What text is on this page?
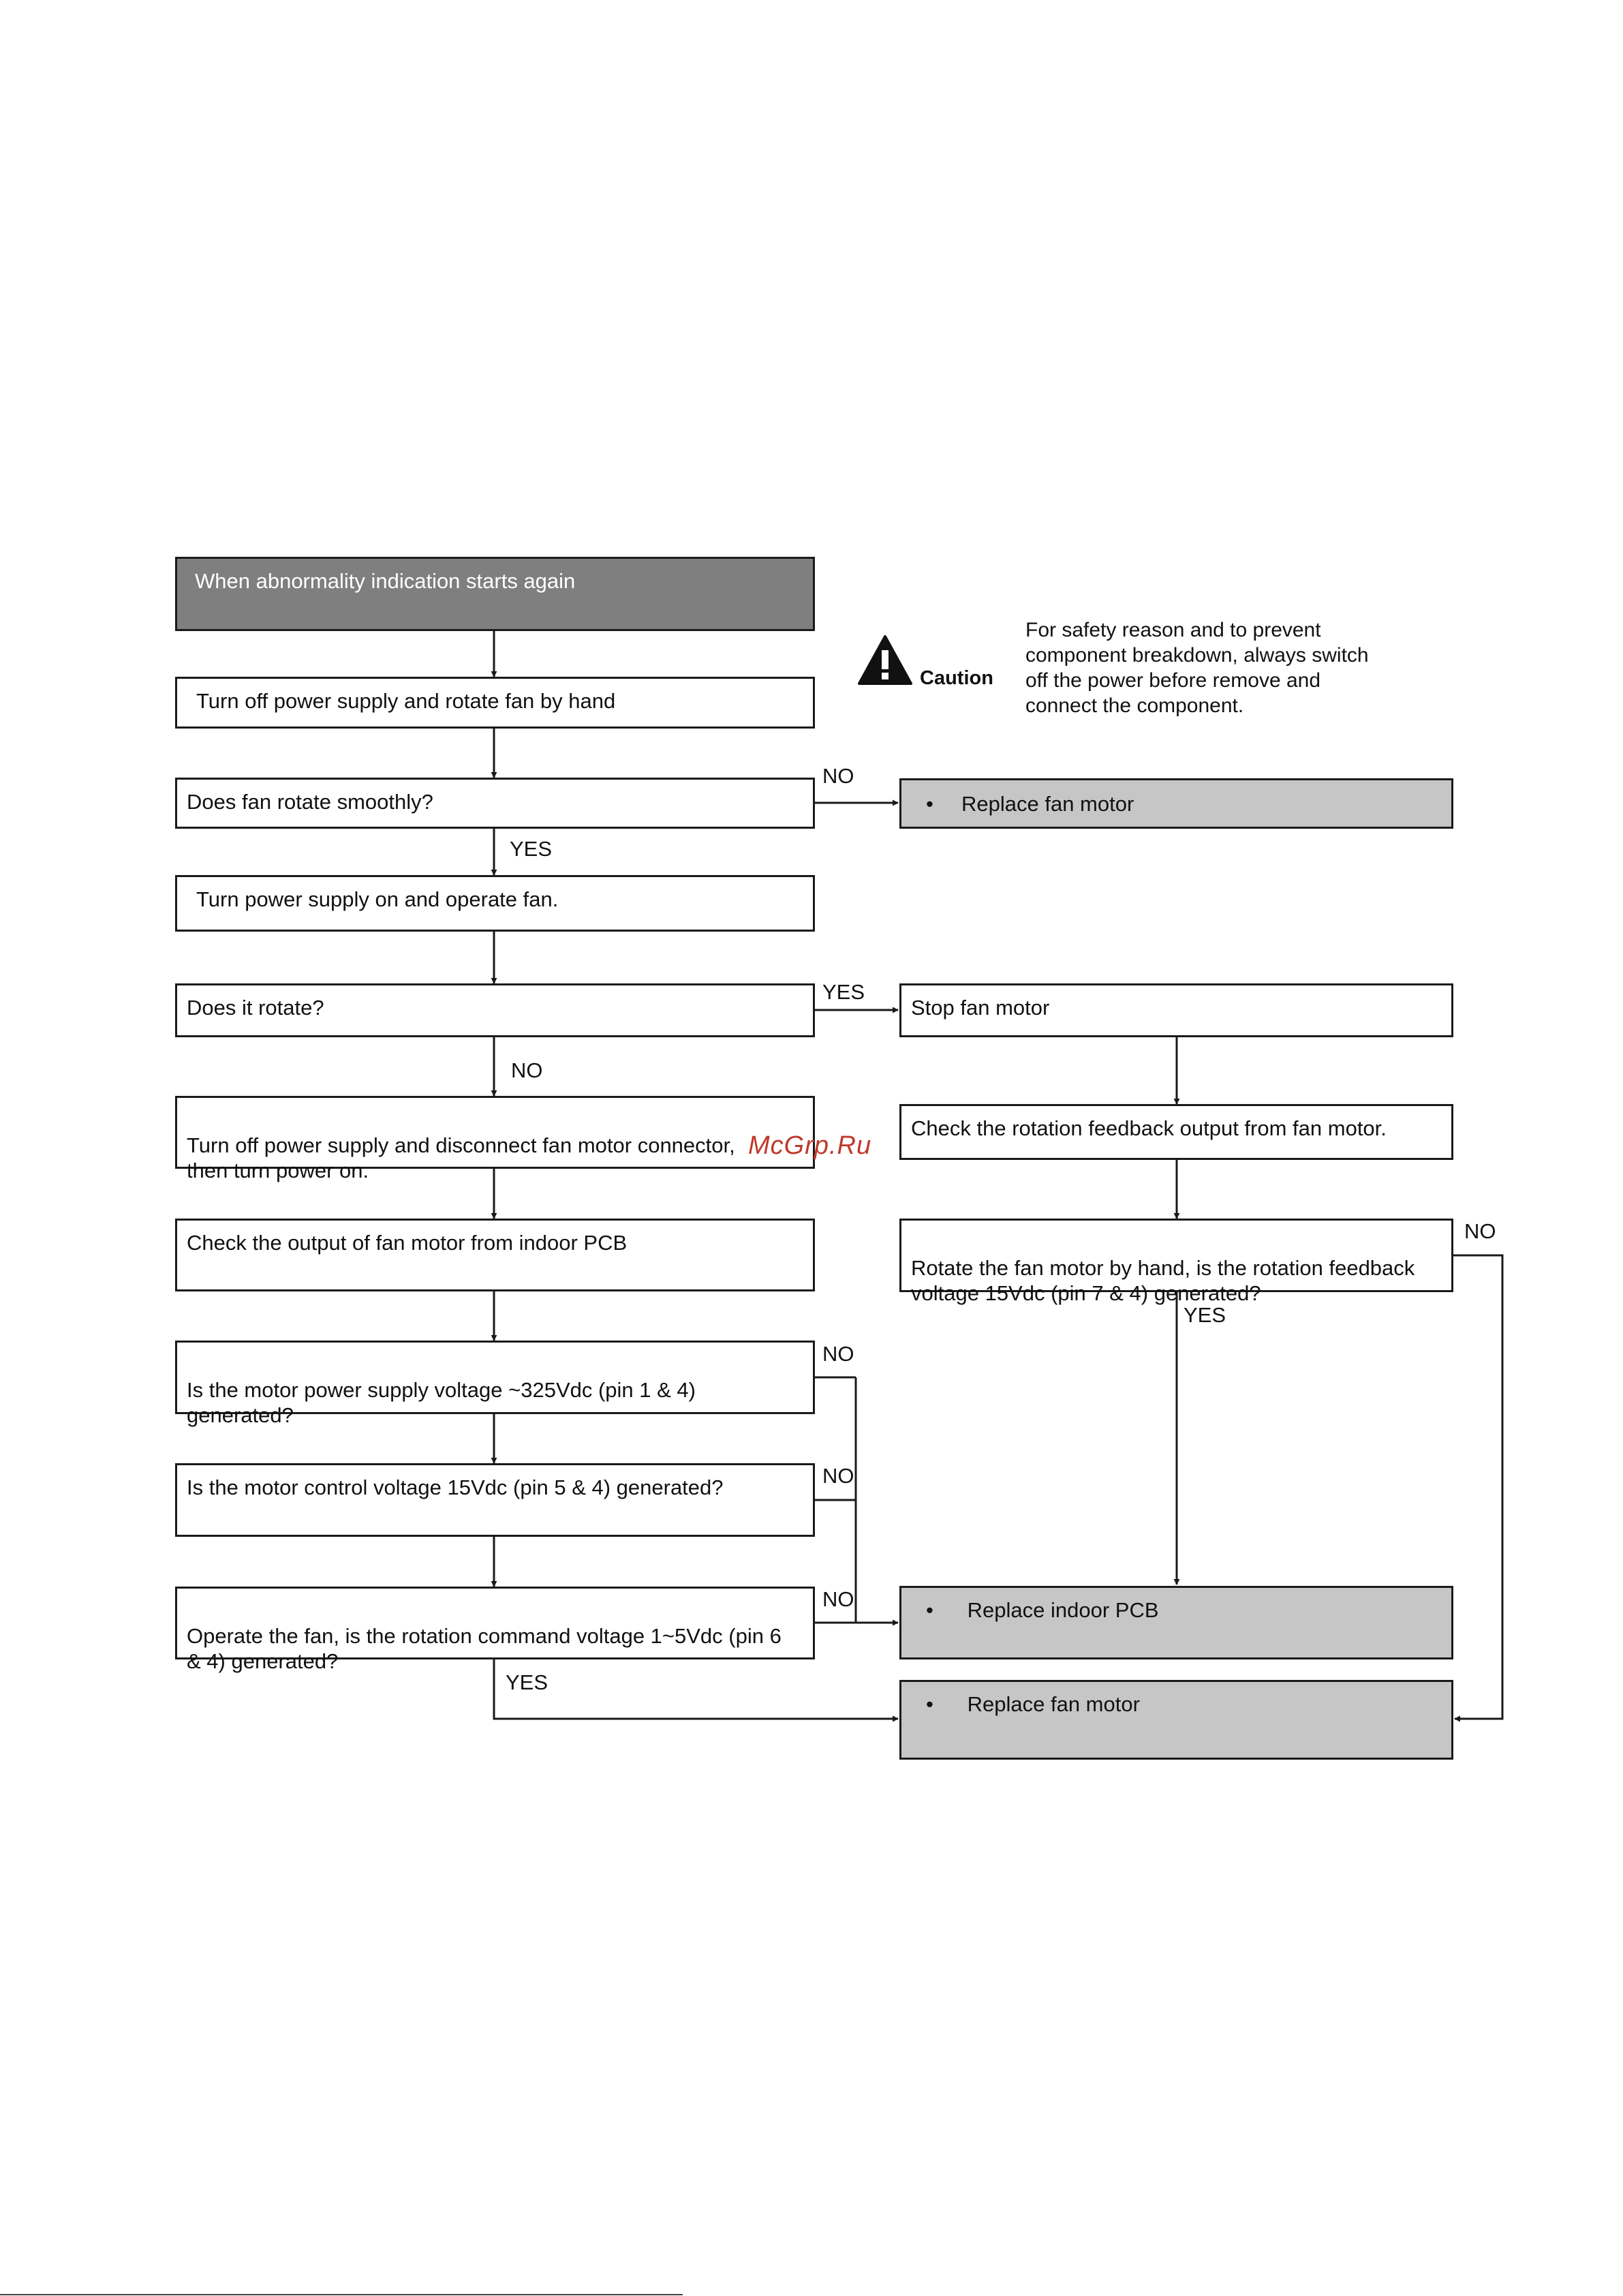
When abnormality indication starts again
Turn off power supply and rotate fan by hand
Does fan rotate smoothly?
Turn power supply on and operate fan.
Does it rotate?

Turn off power supply and disconnect fan motor connector,
then turn power on.

Check the output of fan motor from indoor PCB

Is the motor power supply voltage ~325Vdc (pin 1 & 4)
generated?

Is the motor control voltage 15Vdc (pin 5 & 4) generated?

Operate the fan, is the rotation command voltage 1~5Vdc (pin 6
& 4) generated?

•	Replace fan motor
Stop fan motor
Check the rotation feedback output from fan motor.

Rotate the fan motor by hand, is the rotation feedback
voltage 15Vdc (pin 7 & 4) generated?

• Replace indoor PCB
• Replace fan motor
NO
YES
YES
NO
NO
YES
NO
NO
NO
YES
Caution
For safety reason and to prevent
component breakdown, always switch
off the power before remove and
connect the component.
McGrp.Ru
